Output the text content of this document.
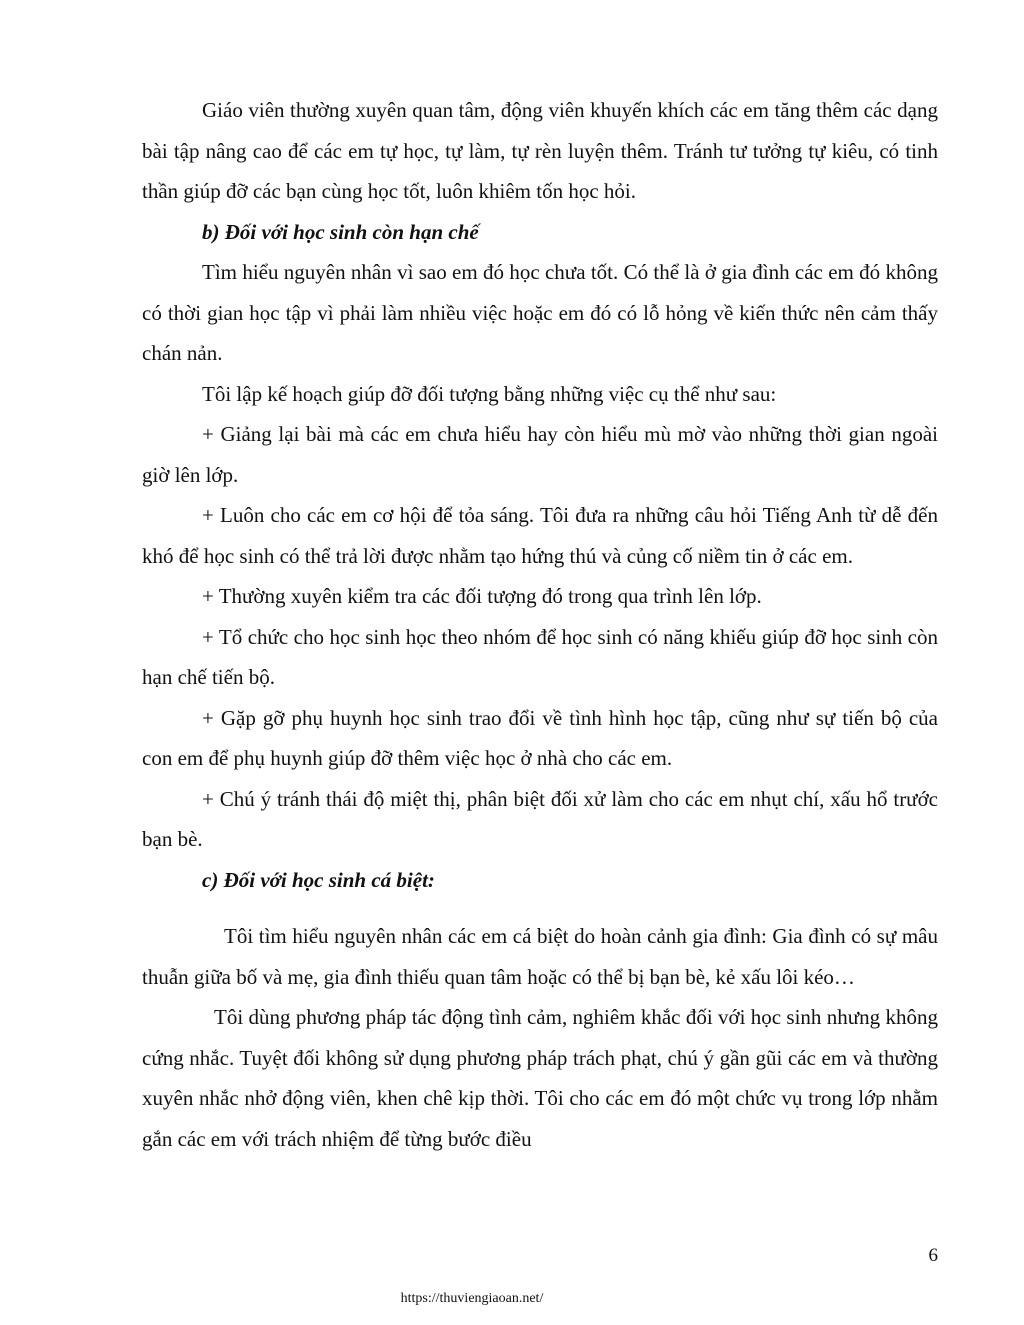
Giáo viên thường xuyên quan tâm, động viên khuyến khích các em tăng thêm các dạng bài tập nâng cao để các em tự học, tự làm, tự rèn luyện thêm. Tránh tư tưởng tự kiêu, có tinh thần giúp đỡ các bạn cùng học tốt, luôn khiêm tốn học hỏi.

b) Đối với học sinh còn hạn chế

Tìm hiểu nguyên nhân vì sao em đó học chưa tốt. Có thể là ở gia đình các em đó không có thời gian học tập vì phải làm nhiều việc hoặc em đó có lỗ hỏng về kiến thức nên cảm thấy chán nản.

Tôi lập kế hoạch giúp đỡ đối tượng bằng những việc cụ thể như sau:

+ Giảng lại bài mà các em chưa hiểu hay còn hiểu mù mờ vào những thời gian ngoài giờ lên lớp.

+ Luôn cho các em cơ hội để tỏa sáng. Tôi đưa ra những câu hỏi Tiếng Anh từ dễ đến khó để học sinh có thể trả lời được nhằm tạo hứng thú và củng cố niềm tin ở các em.

+ Thường xuyên kiểm tra các đối tượng đó trong qua trình lên lớp.

+ Tổ chức cho học sinh học theo nhóm để học sinh có năng khiếu giúp đỡ học sinh còn hạn chế tiến bộ.

+ Gặp gỡ phụ huynh học sinh trao đổi về tình hình học tập, cũng như sự tiến bộ của con em để phụ huynh giúp đỡ thêm việc học ở nhà cho các em.

+ Chú ý tránh thái độ miệt thị, phân biệt đối xử làm cho các em nhụt chí, xấu hổ trước bạn bè.

c) Đối với học sinh cá biệt:

Tôi tìm hiểu nguyên nhân các em cá biệt do hoàn cảnh gia đình: Gia đình có sự mâu thuẫn giữa bố và mẹ, gia đình thiếu quan tâm hoặc có thể bị bạn bè, kẻ xấu lôi kéo…

Tôi dùng phương pháp tác động tình cảm, nghiêm khắc đối với học sinh nhưng không cứng nhắc. Tuyệt đối không sử dụng phương pháp trách phạt, chú ý gần gũi các em và thường xuyên nhắc nhở động viên, khen chê kịp thời. Tôi cho các em đó một chức vụ trong lớp nhằm gắn các em với trách nhiệm để từng bước điều

6
https://thuviengiaoan.net/
